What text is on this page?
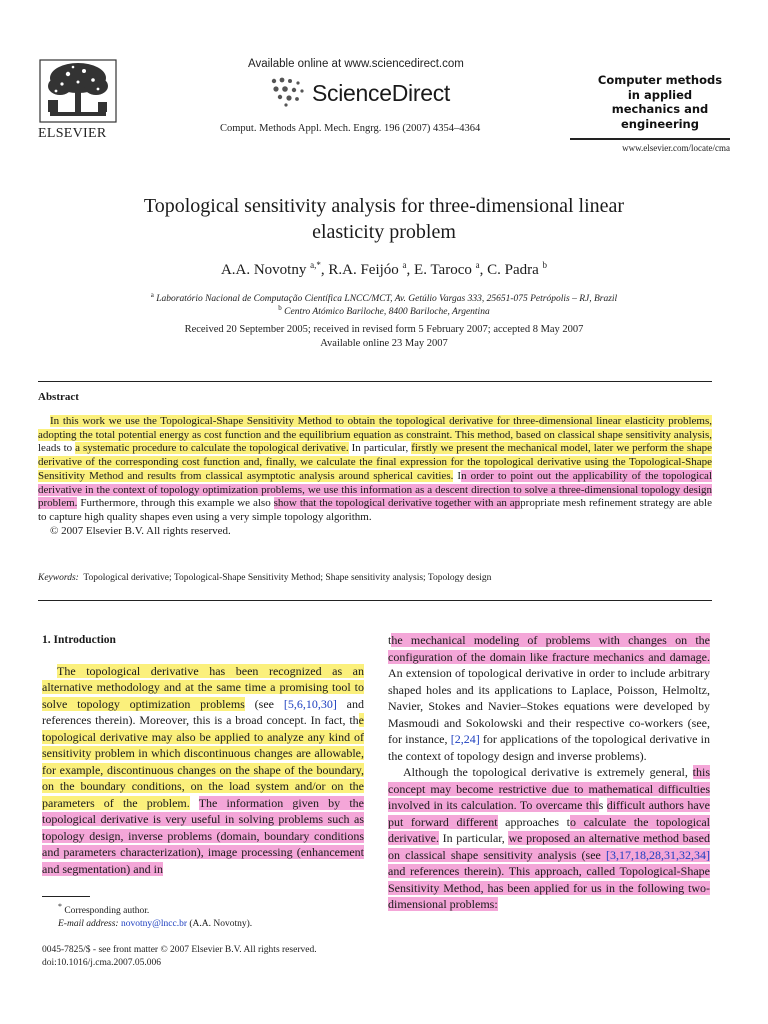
ELSEVIER
Available online at www.sciencedirect.com
ScienceDirect
Comput. Methods Appl. Mech. Engrg. 196 (2007) 4354–4364
Computer methods
in applied
mechanics and
engineering
www.elsevier.com/locate/cma
Topological sensitivity analysis for three-dimensional linear
elasticity problem
A.A. Novotny $^{a,*}$, R.A. Feijóo $^a$, E. Taroco $^a$, C. Padra $^b$
$^a$ Laboratório Nacional de Computação Científica LNCC/MCT, Av. Getúlio Vargas 333, 25651-075 Petrópolis – RJ, Brazil
$^b$ Centro Atómico Bariloche, 8400 Bariloche, Argentina
Received 20 September 2005; received in revised form 5 February 2007; accepted 8 May 2007
Available online 23 May 2007
Abstract

In this work we use the Topological-Shape Sensitivity Method to obtain the topological derivative for three-dimensional linear elasticity problems, adopting the total potential energy as cost function and the equilibrium equation as constraint. This method, based on classical shape sensitivity analysis, leads to a systematic procedure to calculate the topological derivative. In particular, firstly we present the mechanical model, later we perform the shape derivative of the corresponding cost function and, finally, we calculate the final expression for the topological derivative using the Topological-Shape Sensitivity Method and results from classical asymptotic analysis around spherical cavities. In order to point out the applicability of the topological derivative in the context of topology optimization problems, we use this information as a descent direction to solve a three-dimensional topology design problem. Furthermore, through this example we also show that the topological derivative together with an appropriate mesh refinement strategy are able to capture high quality shapes even using a very simple topology algorithm.

© 2007 Elsevier B.V. All rights reserved.

Keywords: Topological derivative; Topological-Shape Sensitivity Method; Shape sensitivity analysis; Topology design
1. Introduction

The topological derivative has been recognized as an alternative methodology and at the same time a promising tool to solve topology optimization problems (see [5,6,10,30] and references therein). Moreover, this is a broad concept. In fact, the topological derivative may also be applied to analyze any kind of sensitivity problem in which discontinuous changes are allowable, for example, discontinuous changes on the shape of the boundary, on the boundary conditions, on the load system and/or on the parameters of the problem. The information given by the topological derivative is very useful in solving problems such as topology design, inverse problems (domain, boundary conditions and parameters characterization), image processing (enhancement and segmentation) and in

the mechanical modeling of problems with changes on the configuration of the domain like fracture mechanics and damage. An extension of topological derivative in order to include arbitrary shaped holes and its applications to Laplace, Poisson, Helmoltz, Navier, Stokes and Navier–Stokes equations were developed by Masmoudi and Sokolowski and their respective co-workers (see, for instance, [2,24] for applications of the topological derivative in the context of topology design and inverse problems).

Although the topological derivative is extremely general, this concept may become restrictive due to mathematical difficulties involved in its calculation. To overcame this difficult authors have put forward different approaches to calculate the topological derivative. In particular, we proposed an alternative method based on classical shape sensitivity analysis (see [3,17,18,28,31,32,34] and references therein). This approach, called Topological-Shape Sensitivity Method, has been applied for us in the following two-dimensional problems:

* Corresponding author.
E-mail address: novotny@lncc.br (A.A. Novotny).
0045-7825/$ - see front matter © 2007 Elsevier B.V. All rights reserved.
doi:10.1016/j.cma.2007.05.006
